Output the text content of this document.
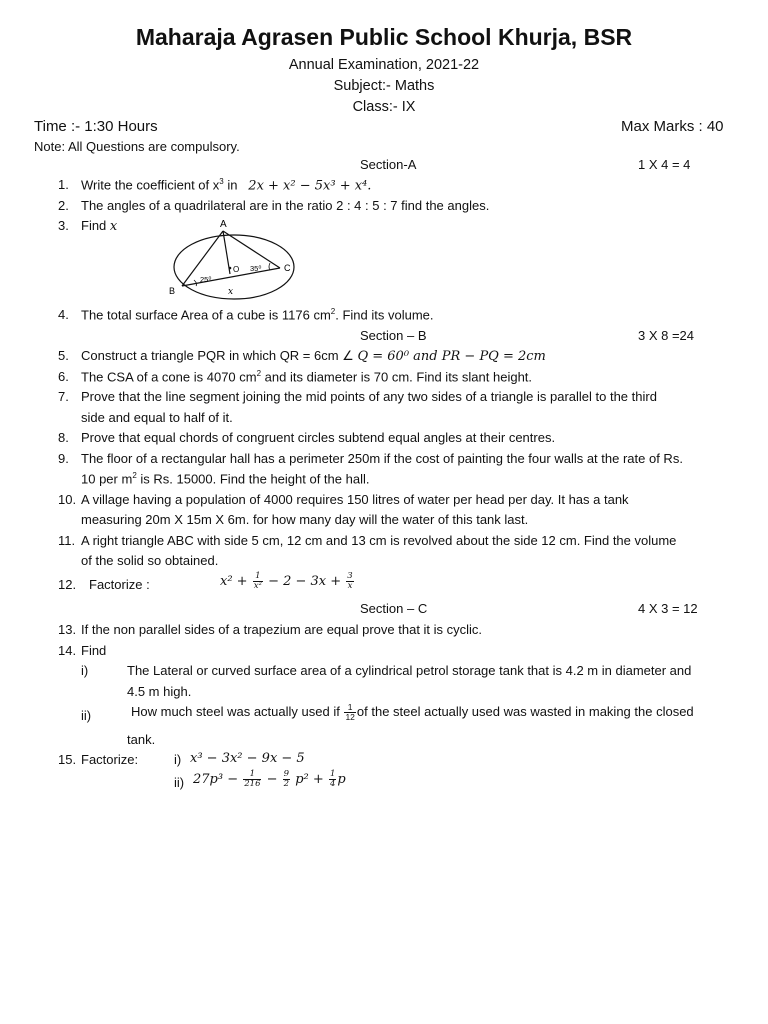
Maharaja Agrasen Public School Khurja, BSR
Annual Examination, 2021-22
Subject:- Maths
Class:- IX
Time :- 1:30 Hours	Max Marks : 40
Note: All Questions are compulsory.
Section-A	1 X 4 = 4
1. Write the coefficient of $x^3$ in 2x + x² − 5x³ + x⁴.
2. The angles of a quadrilateral are in the ratio 2 : 4 : 5 : 7 find the angles.
3. Find x	A
B
C
O
25⁰
35⁰
x
4. The total surface Area of a cube is 1176 $cm^2$. Find its volume.
Section – B	3 X 8 =24
5. Construct a triangle PQR in which QR = 6cm ∠ Q = 60⁰ and PR − PQ = 2cm
6. The CSA of a cone is 4070 $cm^2$ and its diameter is 70 cm. Find its slant height.
7. Prove that the line segment joining the mid points of any two sides of a triangle is parallel to the third
side and equal to half of it.
8. Prove that equal chords of congruent circles subtend equal angles at their centres.
9. The floor of a rectangular hall has a perimeter 250m if the cost of painting the four walls at the rate of Rs.
10 per $m^2$ is Rs. 15000. Find the height of the hall.
10. A village having a population of 4000 requires 150 litres of water per head per day. It has a tank
measuring 20m X 15m X 6m. for how many day will the water of this tank last.
11. A right triangle ABC with side 5 cm, 12 cm and 13 cm is revolved about the side 12 cm. Find the volume
of the solid so obtained.
12. Factorize :	$x^2 + \frac{1}{\text{x²}} - 2 - 3x + \frac{3}{x}$
Section – C	4 X 3 = 12
13. If the non parallel sides of a trapezium are equal prove that it is cyclic.
14. Find
i)	The Lateral or curved surface area of a cylindrical petrol storage tank that is 4.2 m in diameter and
4.5 m high.
ii)	How much steel was actually used if $\frac{1}{12}$ of the steel actually used was wasted in making the closed
tank.
15. Factorize:	i) x³ − 3x² − 9x − 5
ii) $27p^3 - \frac{1}{216} - \frac{9}{2} p^2 + \frac{1}{4}$ p
